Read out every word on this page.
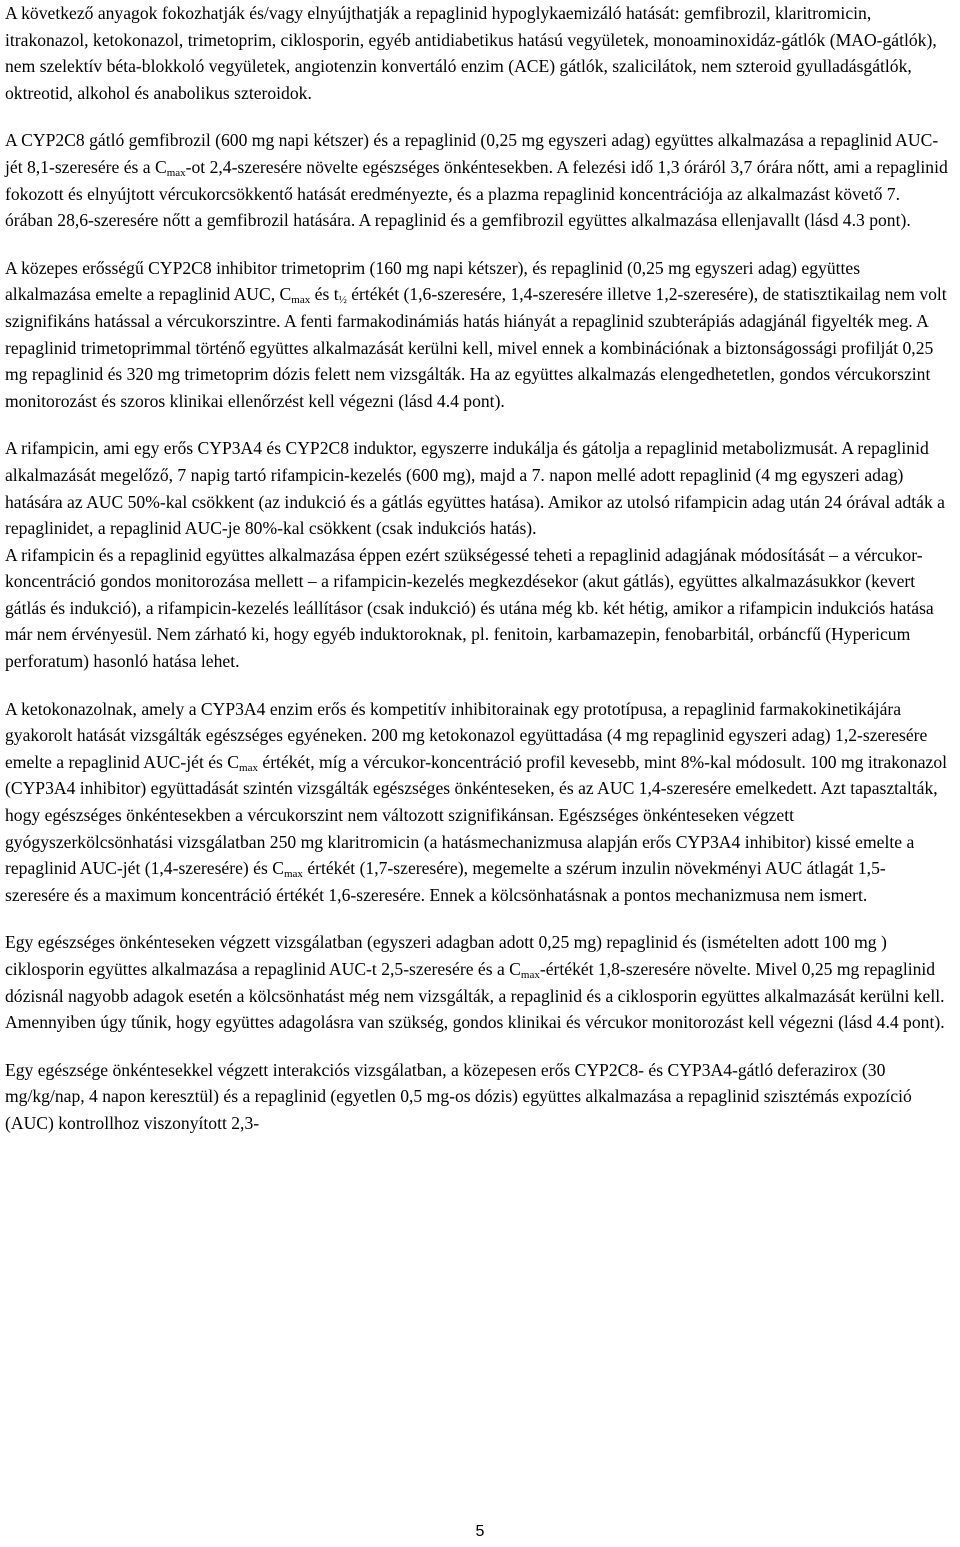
A következő anyagok fokozhatják és/vagy elnyújthatják a repaglinid hypoglykaemizáló hatását: gemfibrozil, klaritromicin, itrakonazol, ketokonazol, trimetoprim, ciklosporin, egyéb antidiabetikus hatású vegyületek, monoaminoxidáz-gátlók (MAO-gátlók), nem szelektív béta-blokkoló vegyületek, angiotenzin konvertáló enzim (ACE) gátlók, szalicilátok, nem szteroid gyulladásgátlók, oktreotid, alkohol és anabolikus szteroidok.

A CYP2C8 gátló gemfibrozil (600 mg napi kétszer) és a repaglinid (0,25 mg egyszeri adag) együttes alkalmazása a repaglinid AUC-jét 8,1-szeresére és a $C_{max}-ot$ 2,4-szeresére növelte egészséges önkéntesekben. A felezési idő 1,3 óráról 3,7 órára nőtt, ami a repaglinid fokozott és elnyújtott vércukorcsökkentő hatását eredményezte, és a plazma repaglinid koncentrációja az alkalmazást követő 7. órában 28,6-szeresére nőtt a gemfibrozil hatására. A repaglinid és a gemfibrozil együttes alkalmazása ellenjavallt (lásd 4.3 pont).

A közepes erősségű CYP2C8 inhibitor trimetoprim (160 mg napi kétszer), és repaglinid (0,25 mg egyszeri adag) együttes alkalmazása emelte a repaglinid AUC, $C_{max}$ és $t_{\frac{1}{2}}$ értékét (1,6-szeresére, 1,4-szeresére illetve 1,2-szeresére), de statisztikailag nem volt szignifikáns hatással a vércukorszintre. A fenti farmakodinámiás hatás hiányát a repaglinid szubterápiás adagjánál figyelték meg. A repaglinid trimetoprimmal történő együttes alkalmazását kerülni kell, mivel ennek a kombinációnak a biztonságossági profilját 0,25 mg repaglinid és 320 mg trimetoprim dózis felett nem vizsgálták. Ha az együttes alkalmazás elengedhetetlen, gondos vércukorszint monitorozást és szoros klinikai ellenőrzést kell végezni (lásd 4.4 pont).

A rifampicin, ami egy erős CYP3A4 és CYP2C8 induktor, egyszerre indukálja és gátolja a repaglinid metabolizmusát. A repaglinid alkalmazását megelőző, 7 napig tartó rifampicin-kezelés (600 mg), majd a 7. napon mellé adott repaglinid (4 mg egyszeri adag) hatására az AUC 50%-kal csökkent (az indukció és a gátlás együttes hatása). Amikor az utolsó rifampicin adag után 24 órával adták a repaglinidet, a repaglinid AUC-je 80%-kal csökkent (csak indukciós hatás).

A rifampicin és a repaglinid együttes alkalmazása éppen ezért szükségessé teheti a repaglinid adagjának módosítását – a vércukor-koncentráció gondos monitorozása mellett – a rifampicin-kezelés megkezdésekor (akut gátlás), együttes alkalmazásukkor (kevert gátlás és indukció), a rifampicin-kezelés leállításor (csak indukció) és utána még kb. két hétig, amikor a rifampicin indukciós hatása már nem érvényesül. Nem zárható ki, hogy egyéb induktoroknak, pl. fenitoin, karbamazepin, fenobarbitál, orbáncfű (Hypericum perforatum) hasonló hatása lehet.

A ketokonazolnak, amely a CYP3A4 enzim erős és kompetitív inhibitorainak egy prototípusa, a repaglinid farmakokinetikájára gyakorolt hatását vizsgálták egészséges egyéneken. 200 mg ketokonazol együttadása (4 mg repaglinid egyszeri adag) 1,2-szeresére emelte a repaglinid AUC-jét és $C_{max}$ értékét, míg a vércukor-koncentráció profil kevesebb, mint 8%-kal módosult. 100 mg itrakonazol (CYP3A4 inhibitor) együttadását szintén vizsgálták egészséges önkénteseken, és az AUC 1,4-szeresére emelkedett. Azt tapasztalták, hogy egészséges önkéntesekben a vércukorszint nem változott szignifikánsan. Egészséges önkénteseken végzett gyógyszerkölcsönhatási vizsgálatban 250 mg klaritromicin (a hatásmechanizmusa alapján erős CYP3A4 inhibitor) kissé emelte a repaglinid AUC-jét (1,4-szeresére) és $C_{max}$ értékét (1,7-szeresére), megemelte a szérum inzulin növekményi AUC átlagát 1,5-szeresére és a maximum koncentráció értékét 1,6-szeresére. Ennek a kölcsönhatásnak a pontos mechanizmusa nem ismert.

Egy egészséges önkénteseken végzett vizsgálatban (egyszeri adagban adott 0,25 mg) repaglinid és (ismételten adott 100 mg ) ciklosporin együttes alkalmazása a repaglinid AUC-t 2,5-szeresére és a $C_{max}$-értékét 1,8-szeresére növelte. Mivel 0,25 mg repaglinid dózisnál nagyobb adagok esetén a kölcsönhatást még nem vizsgálták, a repaglinid és a ciklosporin együttes alkalmazását kerülni kell. Amennyiben úgy tűnik, hogy együttes adagolásra van szükség, gondos klinikai és vércukor monitorozást kell végezni (lásd 4.4 pont).

Egy egészsége önkéntesekkel végzett interakciós vizsgálatban, a közepesen erős CYP2C8- és CYP3A4-gátló deferazirox (30 mg/kg/nap, 4 napon keresztül) és a repaglinid (egyetlen 0,5 mg-os dózis) együttes alkalmazása a repaglinid szisztémás expozíció (AUC) kontrollhoz viszonyított 2,3-

5
